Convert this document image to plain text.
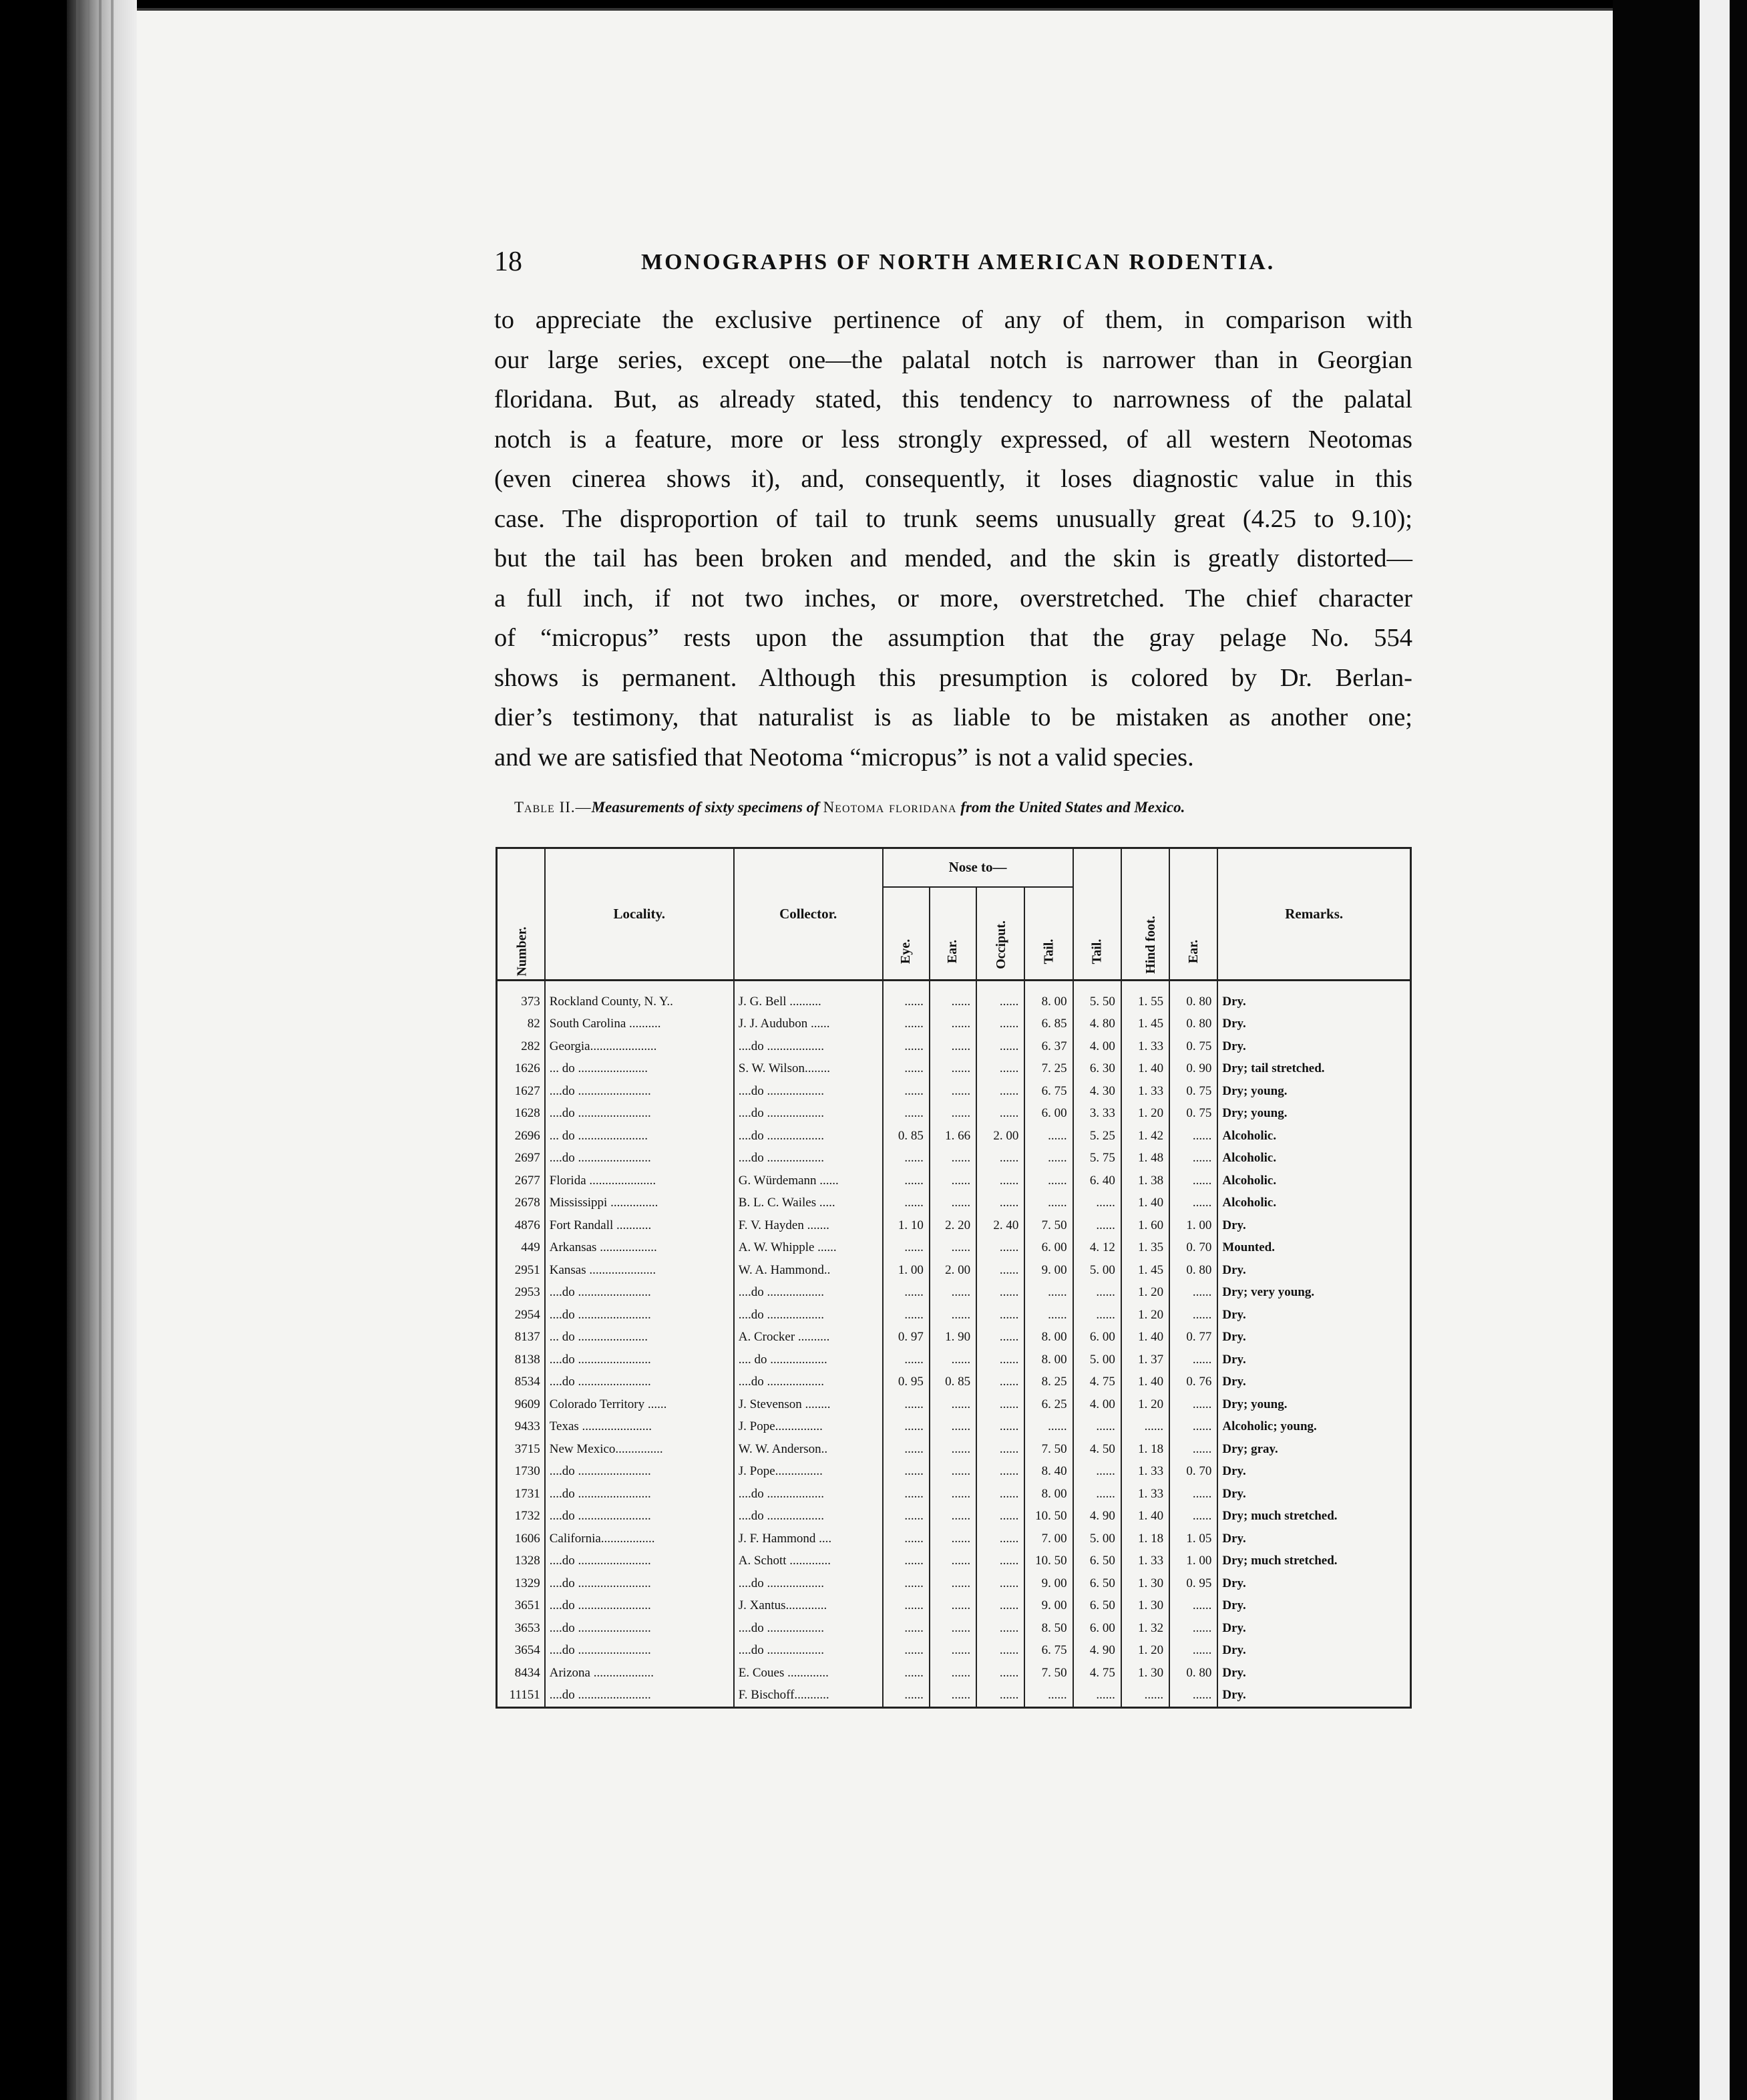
18	MONOGRAPHS OF NORTH AMERICAN RODENTIA.

to appreciate the exclusive pertinence of any of them, in comparison with

our large series, except one—the palatal notch is narrower than in Georgian

floridana. But, as already stated, this tendency to narrowness of the palatal

notch is a feature, more or less strongly expressed, of all western Neotomas

(even cinerea shows it), and, consequently, it loses diagnostic value in this

case. The disproportion of tail to trunk seems unusually great (4.25 to 9.10);

but the tail has been broken and mended, and the skin is greatly distorted—

a full inch, if not two inches, or more, overstretched. The chief character

of “micropus” rests upon the assumption that the gray pelage No. 554

shows is permanent. Although this presumption is colored by Dr. Berlan-

dier’s testimony, that naturalist is as liable to be mistaken as another one;

and we are satisfied that Neotoma “micropus” is not a valid species.

Table II.—Measurements of sixty specimens of Neotoma floridana from the United States and Mexico.
Number.	Locality.	Collector.	Nose to—				Tail.	Hind foot.	Ear.	Remarks.
			Eye.	Ear.	Occiput.	Tail.				
373	Rockland County, N. Y..	J. G. Bell ..........	......	......	......	8. 00	5. 50	1. 55	0. 80	Dry.
82	South Carolina ..........	J. J. Audubon ......	......	......	......	6. 85	4. 80	1. 45	0. 80	Dry.
282	Georgia.....................	....do ..................	......	......	......	6. 37	4. 00	1. 33	0. 75	Dry.
1626	... do ......................	S. W. Wilson........	......	......	......	7. 25	6. 30	1. 40	0. 90	Dry; tail stretched.
1627	....do .......................	....do ..................	......	......	......	6. 75	4. 30	1. 33	0. 75	Dry; young.
1628	....do .......................	....do ..................	......	......	......	6. 00	3. 33	1. 20	0. 75	Dry; young.
2696	... do ......................	....do ..................	0. 85	1. 66	2. 00	......	5. 25	1. 42	......	Alcoholic.
2697	....do .......................	....do ..................	......	......	......	......	5. 75	1. 48	......	Alcoholic.
2677	Florida .....................	G. Würdemann ......	......	......	......	......	6. 40	1. 38	......	Alcoholic.
2678	Mississippi ...............	B. L. C. Wailes .....	......	......	......	......	......	1. 40	......	Alcoholic.
4876	Fort Randall ...........	F. V. Hayden .......	1. 10	2. 20	2. 40	7. 50	......	1. 60	1. 00	Dry.
449	Arkansas ..................	A. W. Whipple ......	......	......	......	6. 00	4. 12	1. 35	0. 70	Mounted.
2951	Kansas .....................	W. A. Hammond..	1. 00	2. 00	......	9. 00	5. 00	1. 45	0. 80	Dry.
2953	....do .......................	....do ..................	......	......	......	......	......	1. 20	......	Dry; very young.
2954	....do .......................	....do ..................	......	......	......	......	......	1. 20	......	Dry.
8137	... do ......................	A. Crocker ..........	0. 97	1. 90	......	8. 00	6. 00	1. 40	0. 77	Dry.
8138	....do .......................	.... do ..................	......	......	......	8. 00	5. 00	1. 37	......	Dry.
8534	....do .......................	....do ..................	0. 95	0. 85	......	8. 25	4. 75	1. 40	0. 76	Dry.
9609	Colorado Territory ......	J. Stevenson ........	......	......	......	6. 25	4. 00	1. 20	......	Dry; young.
9433	Texas ......................	J. Pope...............	......	......	......	......	......	......	......	Alcoholic; young.
3715	New Mexico...............	W. W. Anderson..	......	......	......	7. 50	4. 50	1. 18	......	Dry; gray.
1730	....do .......................	J. Pope...............	......	......	......	8. 40	......	1. 33	0. 70	Dry.
1731	....do .......................	....do ..................	......	......	......	8. 00	......	1. 33	......	Dry.
1732	....do .......................	....do ..................	......	......	......	10. 50	4. 90	1. 40	......	Dry; much stretched.
1606	California.................	J. F. Hammond ....	......	......	......	7. 00	5. 00	1. 18	1. 05	Dry.
1328	....do .......................	A. Schott .............	......	......	......	10. 50	6. 50	1. 33	1. 00	Dry; much stretched.
1329	....do .......................	....do ..................	......	......	......	9. 00	6. 50	1. 30	0. 95	Dry.
3651	....do .......................	J. Xantus.............	......	......	......	9. 00	6. 50	1. 30	......	Dry.
3653	....do .......................	....do ..................	......	......	......	8. 50	6. 00	1. 32	......	Dry.
3654	....do .......................	....do ..................	......	......	......	6. 75	4. 90	1. 20	......	Dry.
8434	Arizona ...................	E. Coues .............	......	......	......	7. 50	4. 75	1. 30	0. 80	Dry.
11151	....do .......................	F. Bischoff...........	......	......	......	......	......	......	......	Dry.
